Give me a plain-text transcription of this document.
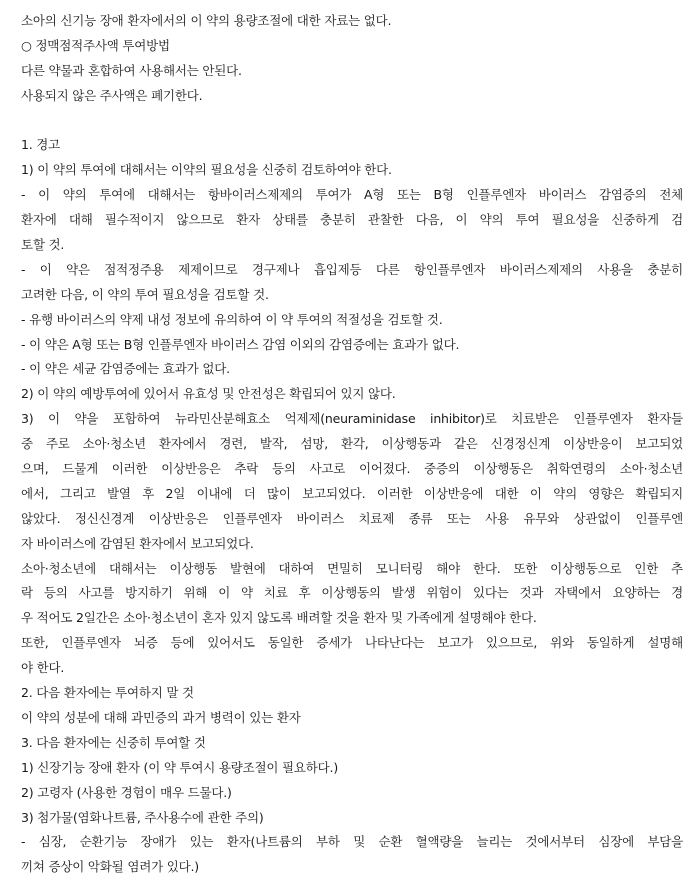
소아의 신기능 장애 환자에서의 이 약의 용량조절에 대한 자료는 없다.
○ 정맥점적주사액 투여방법
다른 약물과 혼합하여 사용해서는 안된다.
사용되지 않은 주사액은 폐기한다.
1. 경고
1) 이 약의 투여에 대해서는 이약의 필요성을 신중히 검토하여야 한다.
- 이 약의 투여에 대해서는 항바이러스제제의 투여가 A형 또는 B형 인플루엔자 바이러스 감염증의 전체
환자에 대해 필수적이지 않으므로 환자 상태를 충분히 관찰한 다음, 이 약의 투여 필요성을 신중하게 검
토할 것.
- 이 약은 점적정주용 제제이므로 경구제나 흡입제등 다른 항인플루엔자 바이러스제제의 사용을 충분히
고려한 다음, 이 약의 투여 필요성을 검토할 것.
- 유행 바이러스의 약제 내성 정보에 유의하여 이 약 투여의 적절성을 검토할 것.
- 이 약은 A형 또는 B형 인플루엔자 바이러스 감염 이외의 감염증에는 효과가 없다.
- 이 약은 세균 감염증에는 효과가 없다.
2) 이 약의 예방투여에 있어서 유효성 및 안전성은 확립되어 있지 않다.
3) 이 약을 포함하여 뉴라민산분해효소 억제제(neuraminidase inhibitor)로 치료받은 인플루엔자 환자들
중 주로 소아·청소년 환자에서 경련, 발작, 섬망, 환각, 이상행동과 같은 신경정신계 이상반응이 보고되었
으며, 드물게 이러한 이상반응은 추락 등의 사고로 이어졌다. 중증의 이상행동은 취학연령의 소아·청소년
에서, 그리고 발열 후 2일 이내에 더 많이 보고되었다. 이러한 이상반응에 대한 이 약의 영향은 확립되지
않았다. 정신신경계 이상반응은 인플루엔자 바이러스 치료제 종류 또는 사용 유무와 상관없이 인플루엔
자 바이러스에 감염된 환자에서 보고되었다.
소아·청소년에 대해서는 이상행동 발현에 대하여 면밀히 모니터링 해야 한다. 또한 이상행동으로 인한 추
락 등의 사고를 방지하기 위해 이 약 치료 후 이상행동의 발생 위험이 있다는 것과 자택에서 요양하는 경
우 적어도 2일간은 소아·청소년이 혼자 있지 않도록 배려할 것을 환자 및 가족에게 설명해야 한다.
또한, 인플루엔자 뇌증 등에 있어서도 동일한 증세가 나타난다는 보고가 있으므로, 위와 동일하게 설명해
야 한다.
2. 다음 환자에는 투여하지 말 것
이 약의 성분에 대해 과민증의 과거 병력이 있는 환자
3. 다음 환자에는 신중히 투여할 것
1) 신장기능 장애 환자 (이 약 투여시 용량조절이 필요하다.)
2) 고령자 (사용한 경험이 매우 드물다.)
3) 첨가물(염화나트륨, 주사용수에 관한 주의)
- 심장, 순환기능 장애가 있는 환자(나트륨의 부하 및 순환 혈액량을 늘리는 것에서부터 심장에 부담을
끼쳐 증상이 악화될 염려가 있다.)
